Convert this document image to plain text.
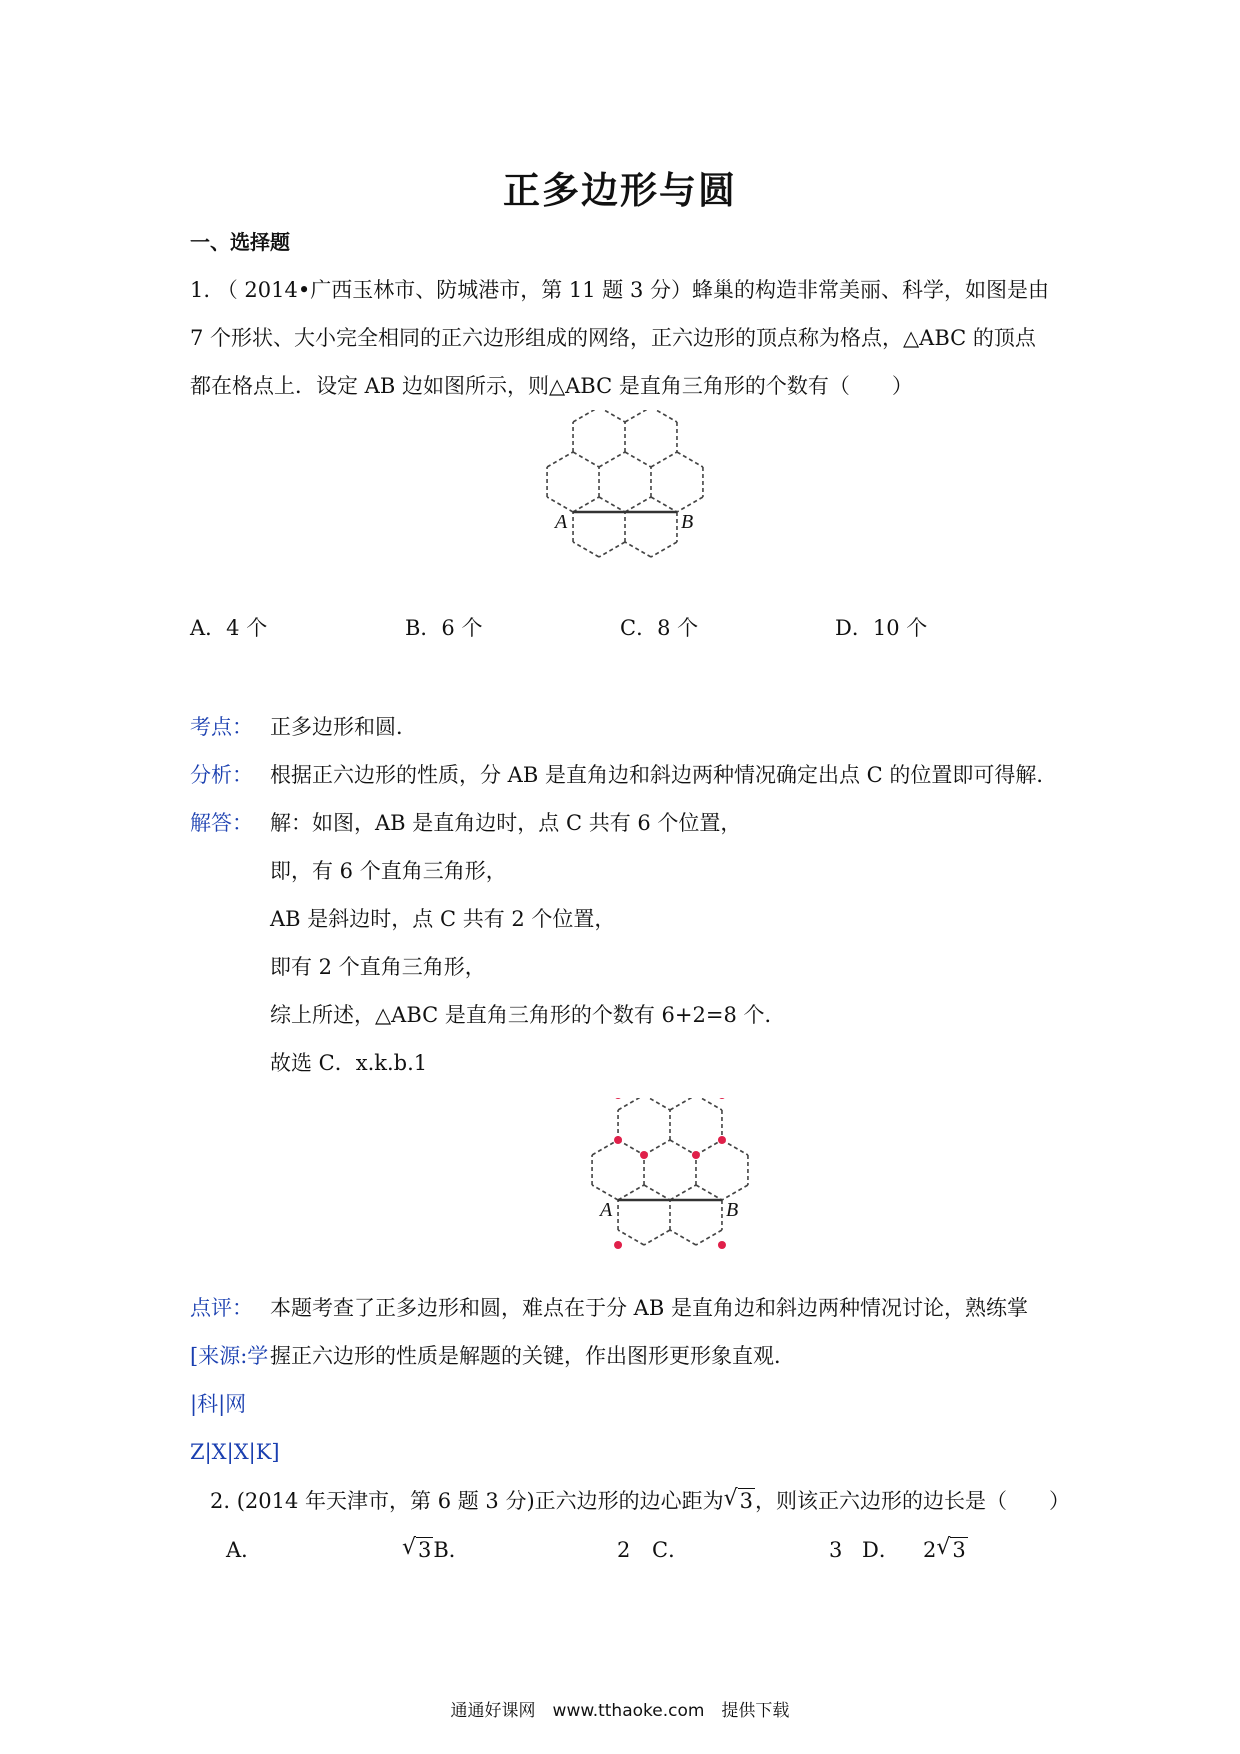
正多边形与圆
一、选择题
1. （ 2014•广西玉林市、防城港市，第 11 题 3 分）蜂巢的构造非常美丽、科学，如图是由
7 个形状、大小完全相同的正六边形组成的网络，正六边形的顶点称为格点，△ABC 的顶点
都在格点上．设定 AB 边如图所示，则△ABC 是直角三角形的个数有（　　）
A	B
A．4 个	B．6 个	C．8 个	D．10 个
考点： 正多边形和圆．
分析： 根据正六边形的性质，分 AB 是直角边和斜边两种情况确定出点 C 的位置即可得解．
解答： 解：如图，AB 是直角边时，点 C 共有 6 个位置，
即，有 6 个直角三角形，
AB 是斜边时，点 C 共有 2 个位置，
即有 2 个直角三角形，
综上所述，△ABC 是直角三角形的个数有 6+2=8 个．
故选 C．x.k.b.1
A	B
点评： 本题考查了正多边形和圆，难点在于分 AB 是直角边和斜边两种情况讨论，熟练掌
[来源:学 握正六边形的性质是解题的关键，作出图形更形象直观．
|科|网
Z|X|X|K]
2. (2014 年天津市，第 6 题 3 分)正六边形的边心距为 √ 3，则该正六边形的边长是（　　）
A．	√ 3B．	2 C．	3 D． 2 √ 3
通通好课网　www.tthaoke.com　提供下载
